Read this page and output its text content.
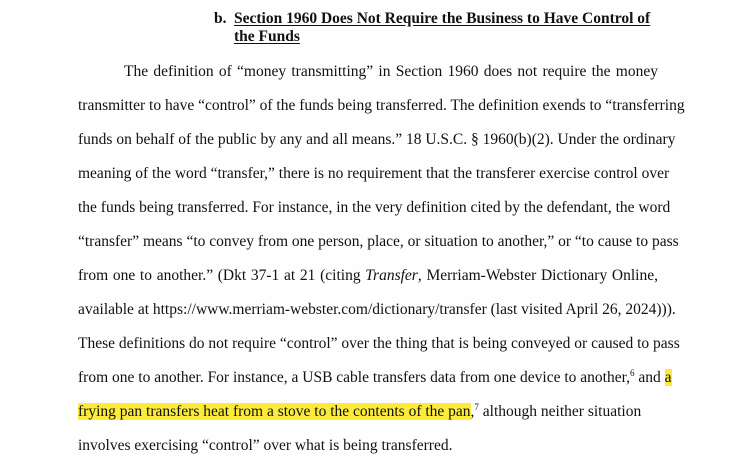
b. Section 1960 Does Not Require the Business to Have Control of the Funds
The definition of “money transmitting” in Section 1960 does not require the money
transmitter to have “control” of the funds being transferred. The definition exends to “transferring
funds on behalf of the public by any and all means.” 18 U.S.C. § 1960(b)(2). Under the ordinary
meaning of the word “transfer,” there is no requirement that the transferer exercise control over
the funds being transferred. For instance, in the very definition cited by the defendant, the word
“transfer” means “to convey from one person, place, or situation to another,” or “to cause to pass
from one to another.” (Dkt 37-1 at 21 (citing Transfer, Merriam-Webster Dictionary Online,
available at https://www.merriam-webster.com/dictionary/transfer (last visited April 26, 2024))).
These definitions do not require “control” over the thing that is being conveyed or caused to pass
from one to another. For instance, a USB cable transfers data from one device to another,$^6$ and a
frying pan transfers heat from a stove to the contents of the pan,$^7$ although neither situation
involves exercising “control” over what is being transferred.
